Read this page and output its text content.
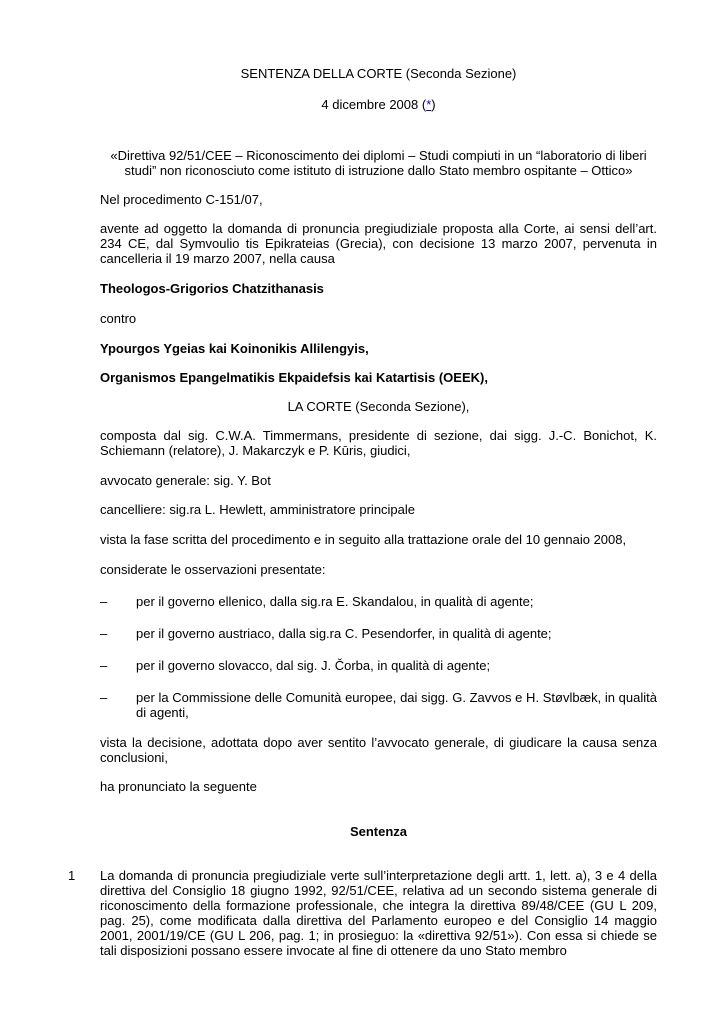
SENTENZA DELLA CORTE (Seconda Sezione)

4 dicembre 2008 (*)

«Direttiva 92/51/CEE – Riconoscimento dei diplomi – Studi compiuti in un “laboratorio di liberi studi” non riconosciuto come istituto di istruzione dallo Stato membro ospitante – Ottico»

Nel procedimento C-151/07,

avente ad oggetto la domanda di pronuncia pregiudiziale proposta alla Corte, ai sensi dell’art. 234 CE, dal Symvoulio tis Epikrateias (Grecia), con decisione 13 marzo 2007, pervenuta in cancelleria il 19 marzo 2007, nella causa

Theologos-Grigorios Chatzithanasis

contro

Ypourgos Ygeias kai Koinonikis Allilengyis,

Organismos Epangelmatikis Ekpaidefsis kai Katartisis (OEEK),

LA CORTE (Seconda Sezione),

composta dal sig. C.W.A. Timmermans, presidente di sezione, dai sigg. J.-C. Bonichot, K. Schiemann (relatore), J. Makarczyk e P. Kūris, giudici,

avvocato generale: sig. Y. Bot

cancelliere: sig.ra L. Hewlett, amministratore principale

vista la fase scritta del procedimento e in seguito alla trattazione orale del 10 gennaio 2008,

considerate le osservazioni presentate:

– per il governo ellenico, dalla sig.ra E. Skandalou, in qualità di agente;
– per il governo austriaco, dalla sig.ra C. Pesendorfer, in qualità di agente;
– per il governo slovacco, dal sig. J. Čorba, in qualità di agente;
– per la Commissione delle Comunità europee, dai sigg. G. Zavvos e H. Støvlbæk, in qualità di agenti,

vista la decisione, adottata dopo aver sentito l’avvocato generale, di giudicare la causa senza conclusioni,

ha pronunciato la seguente

Sentenza

1 La domanda di pronuncia pregiudiziale verte sull’interpretazione degli artt. 1, lett. a), 3 e 4 della direttiva del Consiglio 18 giugno 1992, 92/51/CEE, relativa ad un secondo sistema generale di riconoscimento della formazione professionale, che integra la direttiva 89/48/CEE (GU L 209, pag. 25), come modificata dalla direttiva del Parlamento europeo e del Consiglio 14 maggio 2001, 2001/19/CE (GU L 206, pag. 1; in prosieguo: la «direttiva 92/51»). Con essa si chiede se tali disposizioni possano essere invocate al fine di ottenere da uno Stato membro
